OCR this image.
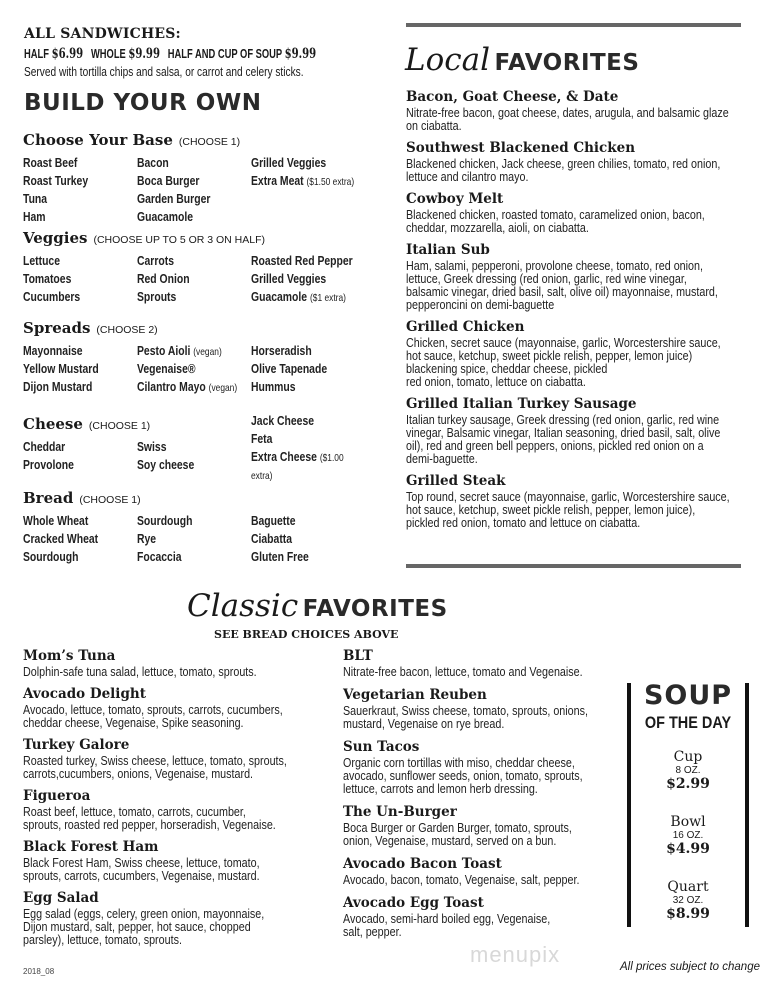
ALL SANDWICHES:
HALF $6.99 WHOLE $9.99 HALF AND CUP OF SOUP $9.99
Served with tortilla chips and salsa, or carrot and celery sticks.
BUILD YOUR OWN
Choose Your Base (CHOOSE 1)
Roast Beef
Roast Turkey
Tuna
Ham
Bacon
Boca Burger
Garden Burger
Guacamole
Grilled Veggies
Extra Meat ($1.50 extra)
Veggies (CHOOSE UP TO 5 OR 3 ON HALF)
Lettuce
Tomatoes
Cucumbers
Carrots
Red Onion
Sprouts
Roasted Red Pepper
Grilled Veggies
Guacamole ($1 extra)
Spreads (CHOOSE 2)
Mayonnaise
Yellow Mustard
Dijon Mustard
Pesto Aioli (vegan)
Vegenaise®
Cilantro Mayo (vegan)
Horseradish
Olive Tapenade
Hummus
Cheese (CHOOSE 1)
Cheddar
Provolone
Swiss
Soy cheese
Jack Cheese
Feta
Extra Cheese ($1.00
extra)
Bread (CHOOSE 1)
Whole Wheat
Cracked Wheat
Sourdough
Sourdough
Rye
Focaccia
Baguette
Ciabatta
Gluten Free
Local FAVORITES
Bacon, Goat Cheese, & Date
Nitrate-free bacon, goat cheese, dates, arugula, and balsamic glaze
on ciabatta.
Southwest Blackened Chicken
Blackened chicken, Jack cheese, green chilies, tomato, red onion,
lettuce and cilantro mayo.
Cowboy Melt
Blackened chicken, roasted tomato, caramelized onion, bacon,
cheddar, mozzarella, aioli, on ciabatta.
Italian Sub
Ham, salami, pepperoni, provolone cheese, tomato, red onion,
lettuce, Greek dressing (red onion, garlic, red wine vinegar,
balsamic vinegar, dried basil, salt, olive oil) mayonnaise, mustard,
pepperoncini on demi-baguette
Grilled Chicken
Chicken, secret sauce (mayonnaise, garlic, Worcestershire sauce,
hot sauce, ketchup, sweet pickle relish, pepper, lemon juice)
blackening spice, cheddar cheese, pickled
red onion, tomato, lettuce on ciabatta.
Grilled Italian Turkey Sausage
Italian turkey sausage, Greek dressing (red onion, garlic, red wine
vinegar, Balsamic vinegar, Italian seasoning, dried basil, salt, olive
oil), red and green bell peppers, onions, pickled red onion on a
demi-baguette.
Grilled Steak
Top round, secret sauce (mayonnaise, garlic, Worcestershire sauce,
hot sauce, ketchup, sweet pickle relish, pepper, lemon juice),
pickled red onion, tomato and lettuce on ciabatta.
Classic FAVORITES
SEE BREAD CHOICES ABOVE
Mom’s Tuna
Dolphin-safe tuna salad, lettuce, tomato, sprouts.
Avocado Delight
Avocado, lettuce, tomato, sprouts, carrots, cucumbers,
cheddar cheese, Vegenaise, Spike seasoning.
Turkey Galore
Roasted turkey, Swiss cheese, lettuce, tomato, sprouts,
carrots,cucumbers, onions, Vegenaise, mustard.
Figueroa
Roast beef, lettuce, tomato, carrots, cucumber,
sprouts, roasted red pepper, horseradish, Vegenaise.
Black Forest Ham
Black Forest Ham, Swiss cheese, lettuce, tomato,
sprouts, carrots, cucumbers, Vegenaise, mustard.
Egg Salad
Egg salad (eggs, celery, green onion, mayonnaise,
Dijon mustard, salt, pepper, hot sauce, chopped
parsley), lettuce, tomato, sprouts.
BLT
Nitrate-free bacon, lettuce, tomato and Vegenaise.
Vegetarian Reuben
Sauerkraut, Swiss cheese, tomato, sprouts, onions,
mustard, Vegenaise on rye bread.
Sun Tacos
Organic corn tortillas with miso, cheddar cheese,
avocado, sunflower seeds, onion, tomato, sprouts,
lettuce, carrots and lemon herb dressing.
The Un-Burger
Boca Burger or Garden Burger, tomato, sprouts,
onion, Vegenaise, mustard, served on a bun.
Avocado Bacon Toast
Avocado, bacon, tomato, Vegenaise, salt, pepper.
Avocado Egg Toast
Avocado, semi-hard boiled egg, Vegenaise,
salt, pepper.
SOUP
OF THE DAY
Cup
8 OZ.
$2.99
Bowl
16 OZ.
$4.99
Quart
32 OZ.
$8.99
2018_08	All prices subject to change
menupix
